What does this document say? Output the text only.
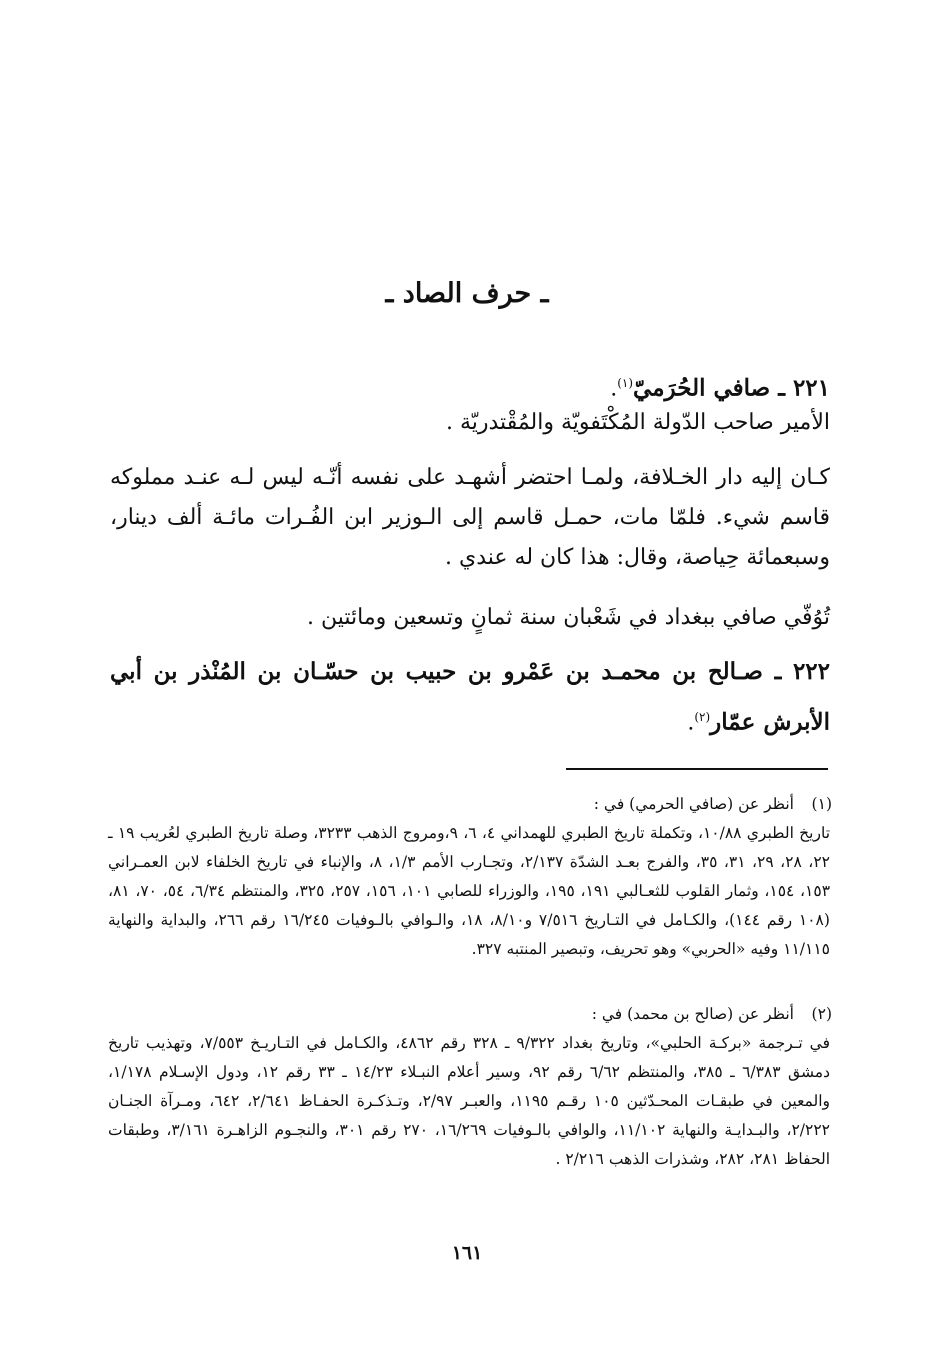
ـ حرف الصاد ـ
٢٢١ ـ صافي الحُرَميّ$^{(١)}$.
الأمير صاحب الدّولة المُكْتَفويّة والمُقْتدريّة .
كـان إليه دار الخـلافة، ولمـا احتضر أشهـد على نفسه أنّـه ليس لـه عنـد مملوكه قاسم شيء. فلمّا مات، حمـل قاسم إلى الـوزير ابن الفُـرات مائـة ألف دينار، وسبعمائة حِياصة، وقال: هذا كان له عندي .
تُوُفّي صافي ببغداد في شَعْبان سنة ثمانٍ وتسعين ومائتين .
٢٢٢ ـ صـالح بن محمـد بن عَمْرو بن حبيب بن حسّـان بن المُنْذر بن أبي الأبرش عمّار$^{(٢)}$.
(١)
أنظر عن (صافي الحرمي) في :
تاريخ الطبري ١٠/٨٨، وتكملة تاريخ الطبري للهمداني ٤، ٦، ٩،ومروج الذهب ٣٢٣٣، وصلة تاريخ الطبري لعُريب ١٩ ـ ٢٢، ٢٨، ٢٩، ٣١، ٣٥، والفرج بعـد الشدّة ٢/١٣٧، وتجـارب الأمم ١/٣، ٨، والإنباء في تاريخ الخلفاء لابن العمـراني ١٥٣، ١٥٤، وثمار القلوب للثعـالبي ١٩١، ١٩٥، والوزراء للصابي ١٠١، ١٥٦، ٢٥٧، ٣٢٥، والمنتظم ٦/٣٤، ٥٤، ٧٠، ٨١، (١٠٨ رقم ١٤٤)، والكـامل في التـاريخ ٧/٥١٦ و٨/١٠، ١٨، والـوافي بالـوفيات ١٦/٢٤٥ رقم ٢٦٦، والبداية والنهاية ١١/١١٥ وفيه «الحربي» وهو تحريف، وتبصير المنتبه ٣٢٧.
(٢)
أنظر عن (صالح بن محمد) في :
في تـرجمة «بركـة الحلبي»، وتاريخ بغداد ٩/٣٢٢ ـ ٣٢٨ رقم ٤٨٦٢، والكـامل في التـاريـخ ٧/٥٥٣، وتهذيب تاريخ دمشق ٦/٣٨٣ ـ ٣٨٥، والمنتظم ٦/٦٢ رقم ٩٢، وسير أعلام النبـلاء ١٤/٢٣ ـ ٣٣ رقم ١٢، ودول الإسـلام ١/١٧٨، والمعين في طبقـات المحـدّثين ١٠٥ رقـم ١١٩٥، والعبـر ٢/٩٧، وتـذكـرة الحفـاظ ٢/٦٤١، ٦٤٢، ومـرآة الجنـان ٢/٢٢٢، والبـدايـة والنهاية ١١/١٠٢، والوافي بالـوفيات ١٦/٢٦٩، ٢٧٠ رقم ٣٠١، والنجـوم الزاهـرة ٣/١٦١، وطبقات الحفاظ ٢٨١، ٢٨٢، وشذرات الذهب ٢/٢١٦ .
١٦١
